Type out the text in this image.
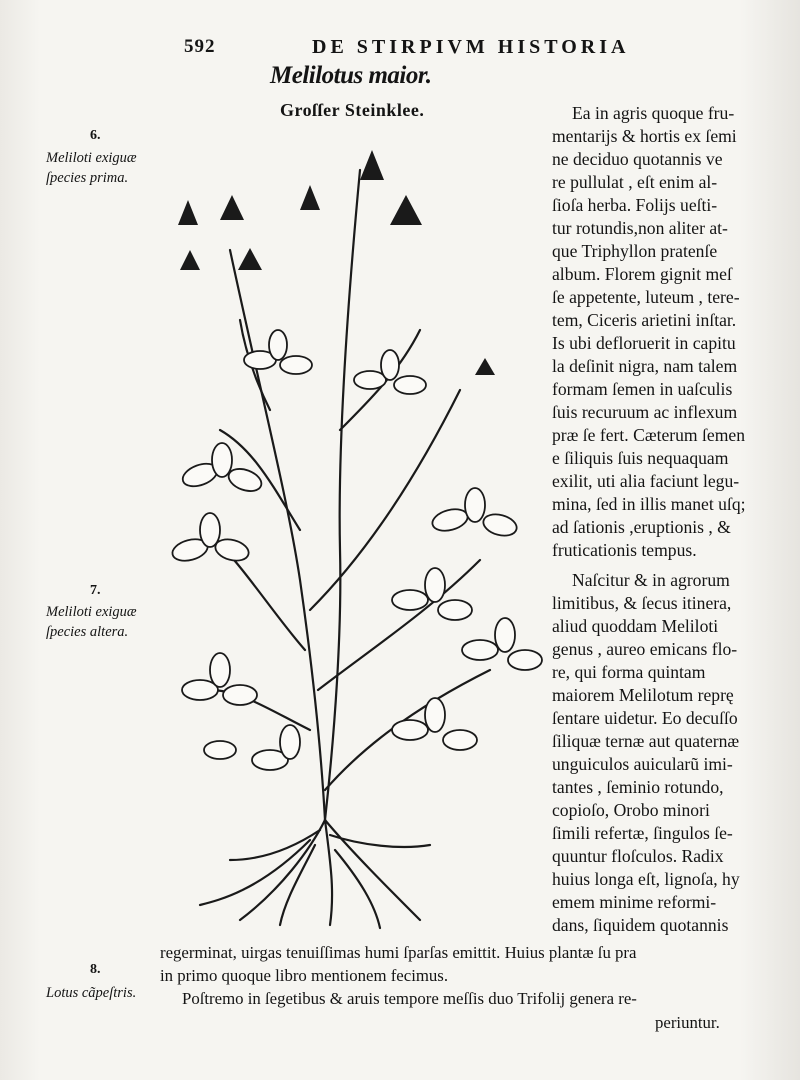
592	DE STIRPIVM HISTORIA
Melilotus maior.
Groſſer Steinklee.
6.
Meliloti exiguæ
ſpecies prima.
7.
Meliloti exiguæ
ſpecies altera.
8.
Lotus cãpeſtris.
Ea in agris quoque fru-
mentarijs & hortis ex ſemi
ne deciduo quotannis ve
re pullulat , eſt enim al-
ſioſa herba. Folijs ueſti-
tur rotundis,non aliter at-
que Triphyllon pratenſe
album. Florem gignit meſ
ſe appetente, luteum , tere-
tem, Ciceris arietini inſtar.
Is ubi defloruerit in capitu
la deſinit nigra, nam talem
formam ſemen in uaſculis
ſuis recuruum ac inflexum
præ ſe fert. Cæterum ſemen
e ſiliquis ſuis nequaquam
exilit, uti alia faciunt legu-
mina, ſed in illis manet uſq;
ad ſationis ,eruptionis , &
fruticationis tempus.
Naſcitur & in agrorum
limitibus, & ſecus itinera,
aliud quoddam Meliloti
genus , aureo emicans flo-
re, qui forma quintam
maiorem Melilotum reprę
ſentare uidetur. Eo decuſſo
ſiliquæ ternæ aut quaternæ
unguiculos auicularũ imi-
tantes , ſeminio rotundo,
copioſo, Orobo minori
ſimili refertæ, ſingulos ſe-
quuntur floſculos. Radix
huius longa eſt, lignoſa, hy
emem minime reformi-
dans, ſiquidem quotannis
regerminat, uirgas tenuiſſimas humi ſparſas emittit. Huius plantæ ſu pra
in primo quoque libro mentionem fecimus.
Poſtremo in ſegetibus & aruis tempore meſſis duo Trifolij genera re-
periuntur.
